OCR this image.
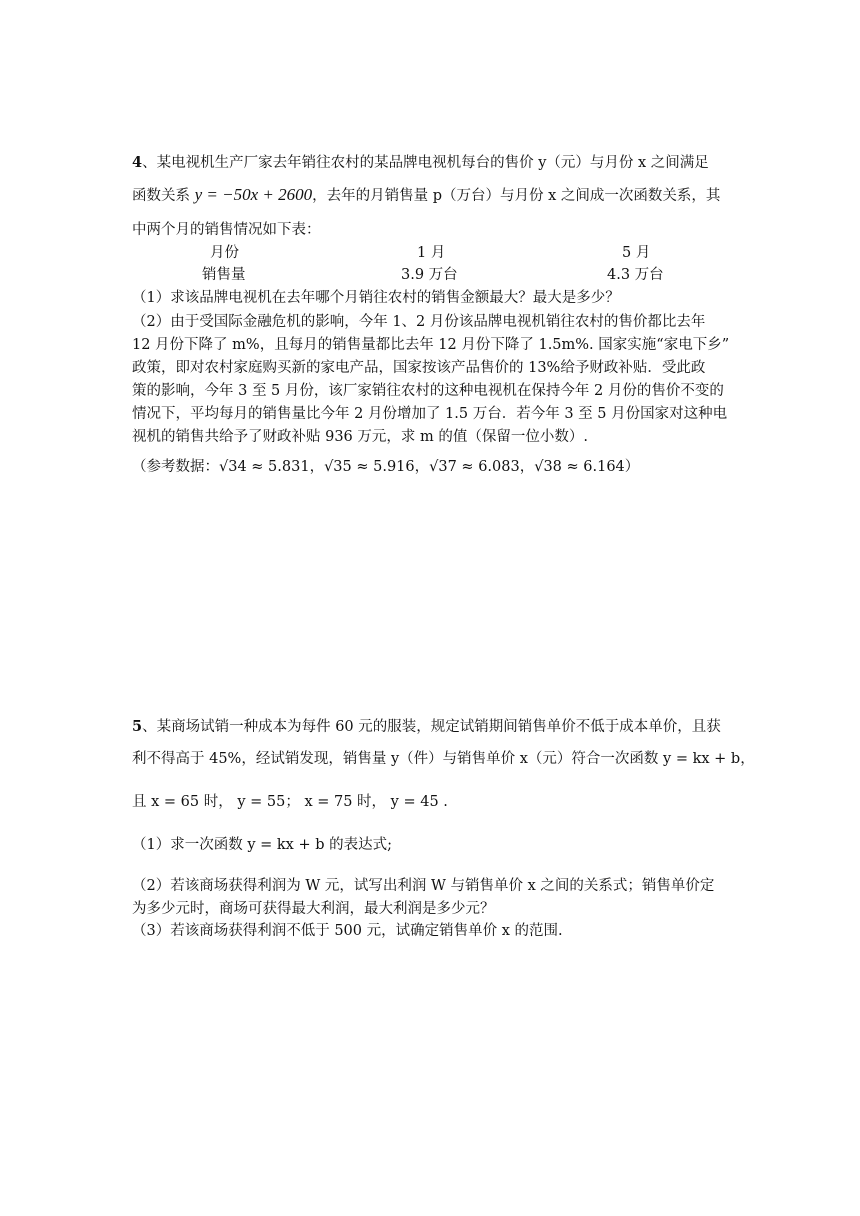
4、某电视机生产厂家去年销往农村的某品牌电视机每台的售价 y（元）与月份 x 之间满足
函数关系 y = −50x + 2600，去年的月销售量 p（万台）与月份 x 之间成一次函数关系，其
中两个月的销售情况如下表：
月份	1 月	5 月
销售量	3.9 万台	4.3 万台
（1）求该品牌电视机在去年哪个月销往农村的销售金额最大？最大是多少？
（2）由于受国际金融危机的影响，今年 1、2 月份该品牌电视机销往农村的售价都比去年
12 月份下降了 m%，且每月的销售量都比去年 12 月份下降了 1.5m%. 国家实施“家电下乡”
政策，即对农村家庭购买新的家电产品，国家按该产品售价的 13%给予财政补贴．受此政
策的影响，今年 3 至 5 月份，该厂家销往农村的这种电视机在保持今年 2 月份的售价不变的
情况下，平均每月的销售量比今年 2 月份增加了 1.5 万台．若今年 3 至 5 月份国家对这种电
视机的销售共给予了财政补贴 936 万元，求 m 的值（保留一位小数）.
（参考数据：√34 ≈ 5.831，√35 ≈ 5.916，√37 ≈ 6.083，√38 ≈ 6.164）
5、某商场试销一种成本为每件 60 元的服装，规定试销期间销售单价不低于成本单价，且获
利不得高于 45%，经试销发现，销售量 y（件）与销售单价 x（元）符合一次函数 y = kx + b，
且 x = 65 时， y = 55； x = 75 时， y = 45 .
（1）求一次函数 y = kx + b 的表达式;
（2）若该商场获得利润为 W 元，试写出利润 W 与销售单价 x 之间的关系式；销售单价定
为多少元时，商场可获得最大利润，最大利润是多少元？
（3）若该商场获得利润不低于 500 元，试确定销售单价 x 的范围.
